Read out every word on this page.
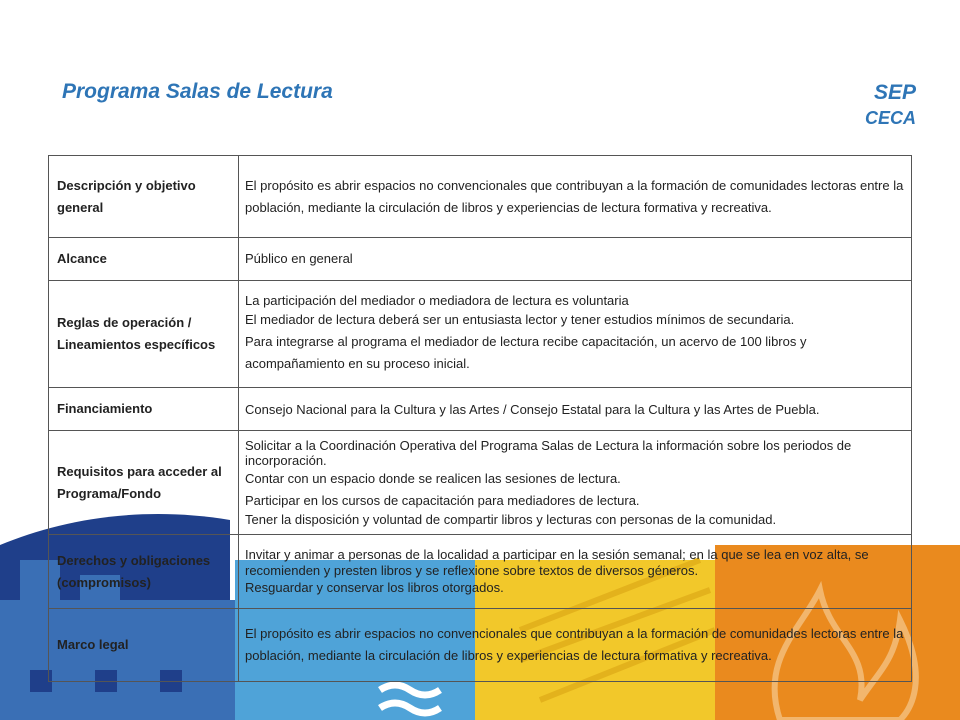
Programa Salas de Lectura	SEP
CECA
Descripción y objetivo general	El propósito es abrir espacios no convencionales que contribuyan a la formación de comunidades lectoras entre la población, mediante la circulación de libros y experiencias de lectura formativa y recreativa.

Alcance	Público en general

Reglas de operación / Lineamientos específicos	La participación del mediador o mediadora de lectura es voluntaria
El mediador de lectura deberá ser un entusiasta lector y tener estudios mínimos de secundaria.
Para integrarse al programa el mediador de lectura recibe capacitación, un acervo de 100 libros y acompañamiento en su proceso inicial.

Financiamiento	Consejo Nacional para la Cultura y las Artes / Consejo Estatal para la Cultura y las Artes de Puebla.

Requisitos para acceder al Programa/Fondo	Solicitar a la Coordinación Operativa del Programa Salas de Lectura la información sobre los periodos de incorporación.
Contar con un espacio donde se realicen las sesiones de lectura.
Participar en los cursos de capacitación para mediadores de lectura.
Tener la disposición y voluntad de compartir libros y lecturas con personas de la comunidad.

Derechos y obligaciones (compromisos)	Invitar y animar a personas de la localidad a participar en la sesión semanal; en la que se lea en voz alta, se recomienden y presten libros y se reflexione sobre textos de diversos géneros.
Resguardar y conservar los libros otorgados.

Marco legal	El propósito es abrir espacios no convencionales que contribuyan a la formación de comunidades lectoras entre la población, mediante la circulación de libros y experiencias de lectura formativa y recreativa.
